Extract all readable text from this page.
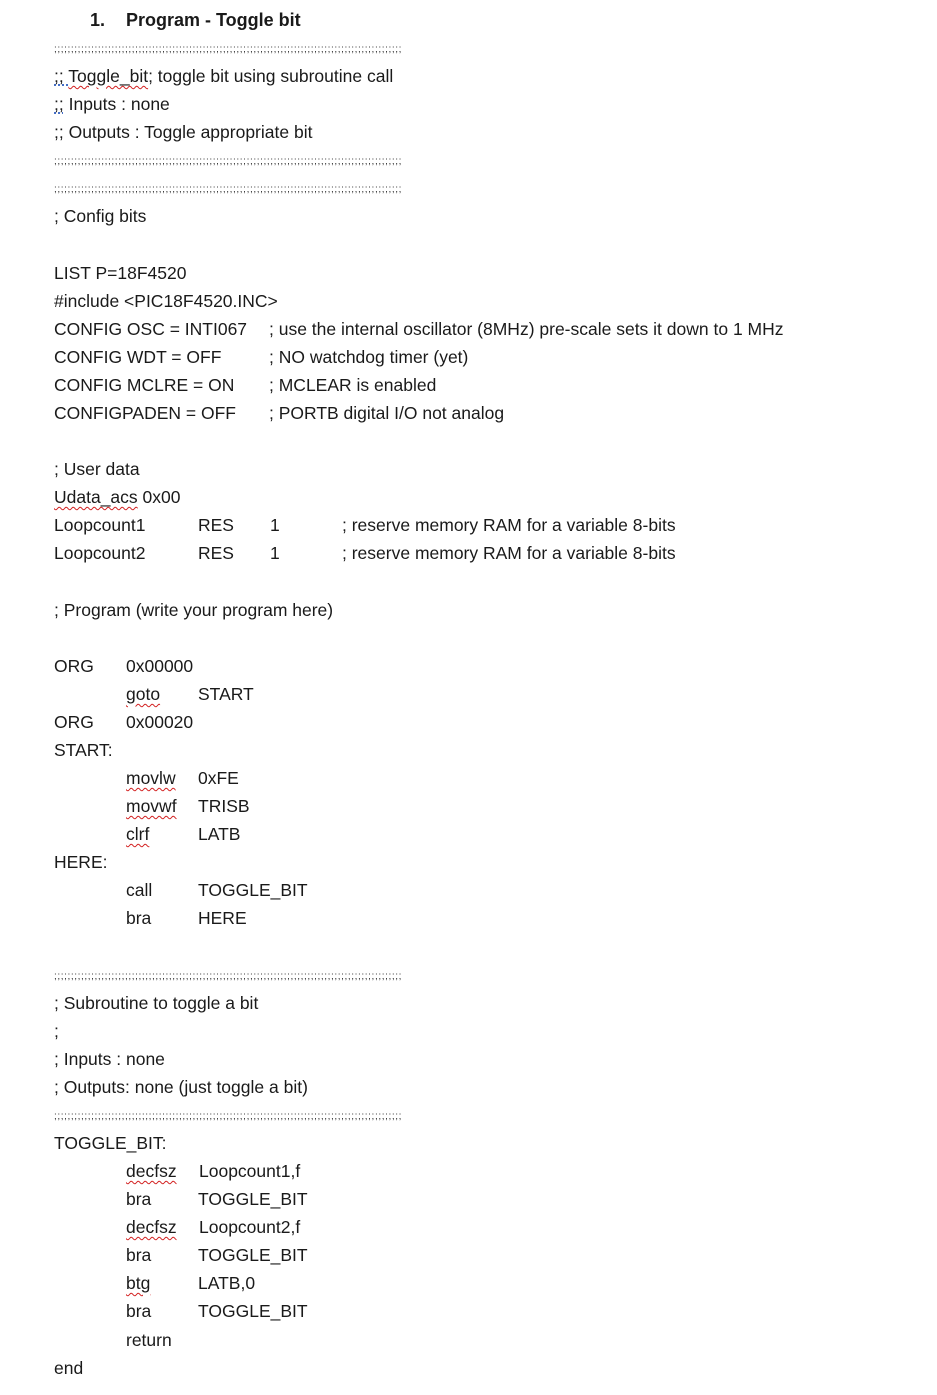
1. Program - Toggle bit
;;;;;;;;;;;;;;;;;;;;;;;;;;;;;;;;;;;;;;;;;;;;;;;;;;;;;;;;;;;;;;;;;;;;;;;;;;;;;;;;;;;;;;;;;;;;;;;;;;;;;;;
;; Toggle_bit; toggle bit using subroutine call
;; Inputs : none
;; Outputs : Toggle appropriate bit
;;;;;;;;;;;;;;;;;;;;;;;;;;;;;;;;;;;;;;;;;;;;;;;;;;;;;;;;;;;;;;;;;;;;;;;;;;;;;;;;;;;;;;;;;;;;;;;;;;;;;;;
;;;;;;;;;;;;;;;;;;;;;;;;;;;;;;;;;;;;;;;;;;;;;;;;;;;;;;;;;;;;;;;;;;;;;;;;;;;;;;;;;;;;;;;;;;;;;;;;;;;;;;;
; Config bits
LIST P=18F4520
#include <PIC18F4520.INC>
CONFIG OSC = INTI067 ; use the internal oscillator (8MHz) pre-scale sets it down to 1 MHz
CONFIG WDT = OFF	; NO watchdog timer (yet)
CONFIG MCLRE = ON ; MCLEAR is enabled
CONFIGPADEN = OFF ; PORTB digital I/O not analog
; User data
Udata_acs 0x00
Loopcount1	RES 1	; reserve memory RAM for a variable 8-bits
Loopcount2	RES 1	; reserve memory RAM for a variable 8-bits
; Program (write your program here)
ORG 0x00000
goto START
ORG 0x00020
START:
movlw 0xFE
movwf TRISB
clrf	LATB
HERE:
call	TOGGLE_BIT
bra	HERE
;;;;;;;;;;;;;;;;;;;;;;;;;;;;;;;;;;;;;;;;;;;;;;;;;;;;;;;;;;;;;;;;;;;;;;;;;;;;;;;;;;;;;;;;;;;;;;;;;;;;;;;
; Subroutine to toggle a bit
;
; Inputs : none
; Outputs: none (just toggle a bit)
;;;;;;;;;;;;;;;;;;;;;;;;;;;;;;;;;;;;;;;;;;;;;;;;;;;;;;;;;;;;;;;;;;;;;;;;;;;;;;;;;;;;;;;;;;;;;;;;;;;;;;;
TOGGLE_BIT:
decfsz Loopcount1,f
bra	TOGGLE_BIT
decfsz Loopcount2,f
bra	TOGGLE_BIT
btg	LATB,0
bra	TOGGLE_BIT
return
end
